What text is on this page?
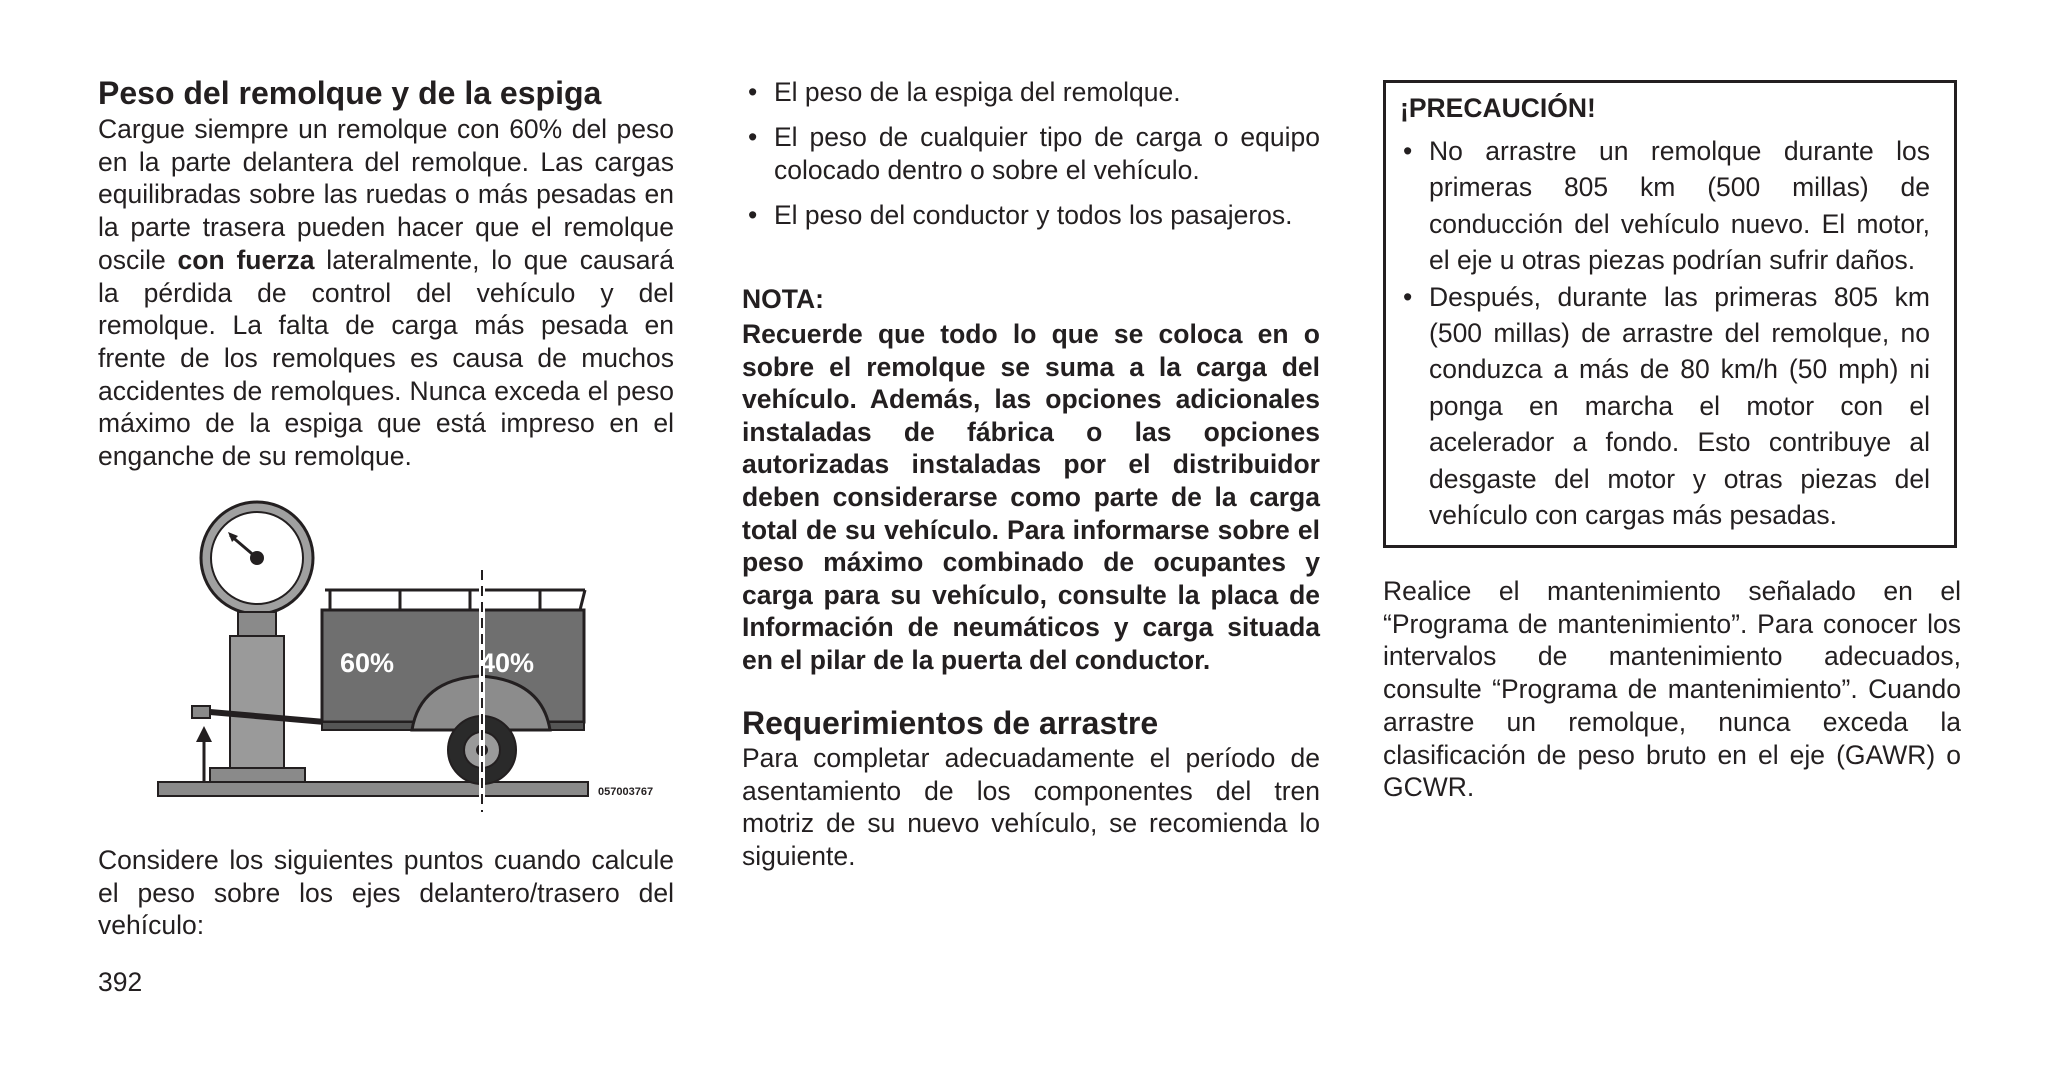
Peso del remolque y de la espiga

Cargue siempre un remolque con 60% del peso en la parte delantera del remolque. Las cargas equilibradas sobre las ruedas o más pesadas en la parte trasera pueden hacer que el remolque oscile con fuerza lateralmente, lo que causará la pérdida de control del vehículo y del remolque. La falta de carga más pesada en frente de los remolques es causa de muchos accidentes de remolques. Nunca exceda el peso máximo de la espiga que está impreso en el enganche de su remolque.

60%	40%
057003767

Considere los siguientes puntos cuando calcule el peso sobre los ejes delantero/trasero del vehículo:

392

• El peso de la espiga del remolque.
• El peso de cualquier tipo de carga o equipo colocado dentro o sobre el vehículo.
• El peso del conductor y todos los pasajeros.

NOTA:

Recuerde que todo lo que se coloca en o sobre el remolque se suma a la carga del vehículo. Además, las opciones adicionales instaladas de fábrica o las opciones autorizadas instaladas por el distribuidor deben considerarse como parte de la carga total de su vehículo. Para informarse sobre el peso máximo combinado de ocupantes y carga para su vehículo, consulte la placa de Información de neumáticos y carga situada en el pilar de la puerta del conductor.

Requerimientos de arrastre

Para completar adecuadamente el período de asentamiento de los componentes del tren motriz de su nuevo vehículo, se recomienda lo siguiente.

¡PRECAUCIÓN!

• No arrastre un remolque durante los primeras 805 km (500 millas) de conducción del vehículo nuevo. El motor, el eje u otras piezas podrían sufrir daños.
• Después, durante las primeras 805 km (500 millas) de arrastre del remolque, no conduzca a más de 80 km/h (50 mph) ni ponga en marcha el motor con el acelerador a fondo. Esto contribuye al desgaste del motor y otras piezas del vehículo con cargas más pesadas.

Realice el mantenimiento señalado en el “Programa de mantenimiento”. Para conocer los intervalos de mantenimiento adecuados, consulte “Programa de mantenimiento”. Cuando arrastre un remolque, nunca exceda la clasificación de peso bruto en el eje (GAWR) o GCWR.
